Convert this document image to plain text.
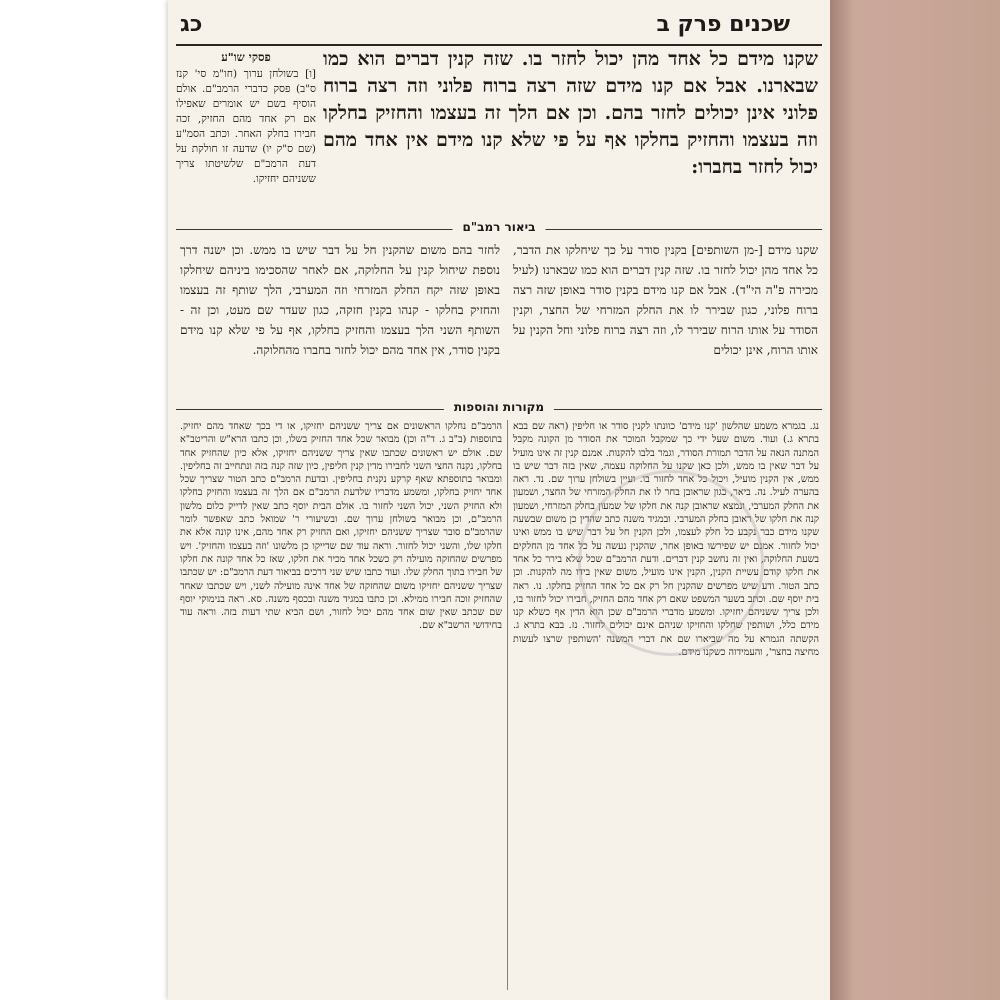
שכנים פרק ב
כג
פסקי שו"ע
[ו] בשולחן ערוך (חו"מ סי' קנז ס"ב) פסק כדברי הרמב"ם. אולם הוסיף בשם יש אומרים שאפילו אם רק אחד מהם החזיק, זכה חבירו בחלק האחר. וכתב הסמ"ע (שם ס"ק יו) שדעה זו חולקת על דעת הרמב"ם שלשיטתו צריך ששניהם יחזיקו.
שקנו מידם כל אחד מהן יכול לחזר בו. שזה קנין דברים הוא כמו שבארנו. אבל אם קנו מידם שזה רצה ברוח פלוני וזה רצה ברוח פלוני אינן יכולים לחזר בהם. וכן אם הלך זה בעצמו והחזיק בחלקו וזה בעצמו והחזיק בחלקו אף על פי שלא קנו מידם אין אחד מהם יכול לחזר בחברו:
ביאור רמב"ם
שקנו מידם [-מן השותפים] בקנין סודר על כך שיחלקו את הדבר, כל אחד מהן יכול לחזר בו. שזה קנין דברים הוא כמו שבארנו (לעיל מכירה פ"ה הי"ד). אבל אם קנו מידם בקנין סודר באופן שזה רצה ברוח פלוני, כגון שבירר לו את החלק המזרחי של החצר, וקנין הסודר על אותו הרוח שבירר לו, וזה רצה ברוח פלוני וחל הקנין על אותו הרוח, אינן יכולים
לחזר בהם משום שהקנין חל על דבר שיש בו ממש. וכן ישנה דרך נוספת שיחול קנין על החלוקה, אם לאחר שהסכימו ביניהם שיחלקו באופן שזה יקח החלק המזרחי וזה המערבי, הלך שותף זה בעצמו והחזיק בחלקו - קנהו בקנין חזקה, כגון שעדר שם מעט, וכן זה - השותף השני הלך בעצמו והחזיק בחלקו, אף על פי שלא קנו מידם בקנין סודר, אין אחד מהם יכול לחזר בחברו מהחלוקה.
מקורות והוספות
נג. בגמרא משמע שהלשון 'קנו מידם' כוונתו לקנין סודר או חליפין (ראה שם בבא בתרא ג.) ועוד. משום שעל ידי כך שמקבל המוכר את הסודר מן הקונה מקבל המתנה הנאה על הדבר תמורת הסודר, וגמר בלבו להקנות. אמנם קנין זה אינו מועיל על דבר שאין בו ממש, ולכן כאן שקנו על החלוקה עצמה, שאין בזה דבר שיש בו ממש, אין הקנין מועיל, ויכול כל אחד לחזור בו. ועיין בשולחן ערוך שם. נד. ראה בהערה לעיל. נה. ביאר, כגון שראובן בחר לו את החלק המזרחי של החצר, ושמעון את החלק המערבי, ונמצא שראובן קנה את חלקו של שמעון בחלק המזרחי, ושמעון קנה את חלקו של ראובן בחלק המערבי. ובמגיד משנה כתב שהדין כן משום שבשעה שקנו מידם כבר נקבע כל חלק לעצמו, ולכן הקנין חל על דבר שיש בו ממש ואינו יכול לחזור. אמנם יש שפירשו באופן אחר, שהקנין נעשה על כל אחד מן החלקים בשעת החלוקה, ואין זה נחשב קנין דברים. ודעת הרמב"ם שכל שלא בירר כל אחד את חלקו קודם עשיית הקנין, הקנין אינו מועיל, משום שאין בידו מה להקנות. וכן כתב הטור. ודע שיש מפרשים שהקנין חל רק אם כל אחד החזיק בחלקו. נו. ראה בית יוסף שם. וכתב בשער המשפט שאם רק אחד מהם החזיק, חבירו יכול לחזור בו, ולכן צריך ששניהם יחזיקו. ומשמע מדברי הרמב"ם שכן הוא הדין אף כשלא קנו מידם כלל, ושותפין שחלקו והחזיקו שניהם אינם יכולים לחזור. נז. בבא בתרא ג. הקשתה הגמרא על מה שביארו שם את דברי המשנה 'השותפין שרצו לעשות מחיצה בחצר', והעמידוה כשקנו מידם.
הרמב"ם נחלקו הראשונים אם צריך ששניהם יחזיקו, או די בכך שאחד מהם יחזיק. בתוספות (ב"ב ג. ד"ה וכן) מבואר שכל אחד החזיק בשלו, וכן כתבו הרא"ש והריטב"א שם. אולם יש ראשונים שכתבו שאין צריך ששניהם יחזיקו, אלא כיון שהחזיק אחד בחלקו, נקנה החצי השני לחבירו מדין קנין חליפין, כיון שזה קנה בזה ונתחייב זה בחליפין. ומבואר בתוספתא שאף קרקע נקנית בחליפין. ובדעת הרמב"ם כתב הטור שצריך שכל אחד יחזיק בחלקו, ומשמע מדבריו שלדעת הרמב"ם אם הלך זה בעצמו והחזיק בחלקו ולא החזיק השני, יכול השני לחזור בו. אולם הבית יוסף כתב שאין לדייק כלום מלשון הרמב"ם, וכן מבואר בשולחן ערוך שם. ובשיעורי ר' שמואל כתב שאפשר לומר שהרמב"ם סובר שצריך ששניהם יחזיקו, ואם החזיק רק אחד מהם, אינו קונה אלא את חלקו שלו, והשני יכול לחזור. וראה עוד שם שדייקו כן מלשונו 'וזה בעצמו והחזיק'. ויש מפרשים שהחזקה מועילה רק כשכל אחד מכיר את חלקו, שאז כל אחד קונה את חלקו של חבירו בתוך החלק שלו. ועוד כתבו שיש שני דרכים בביאור דעת הרמב"ם: יש שכתבו שצריך ששניהם יחזיקו משום שהחזקה של אחד אינה מועילה לשני, ויש שכתבו שאחד שהחזיק זוכה חבירו ממילא. וכן כתבו במגיד משנה ובכסף משנה. סא. ראה בנימוקי יוסף שם שכתב שאין שום אחד מהם יכול לחזור, ושם הביא שתי דעות בזה. וראה עוד בחידושי הרשב"א שם.
